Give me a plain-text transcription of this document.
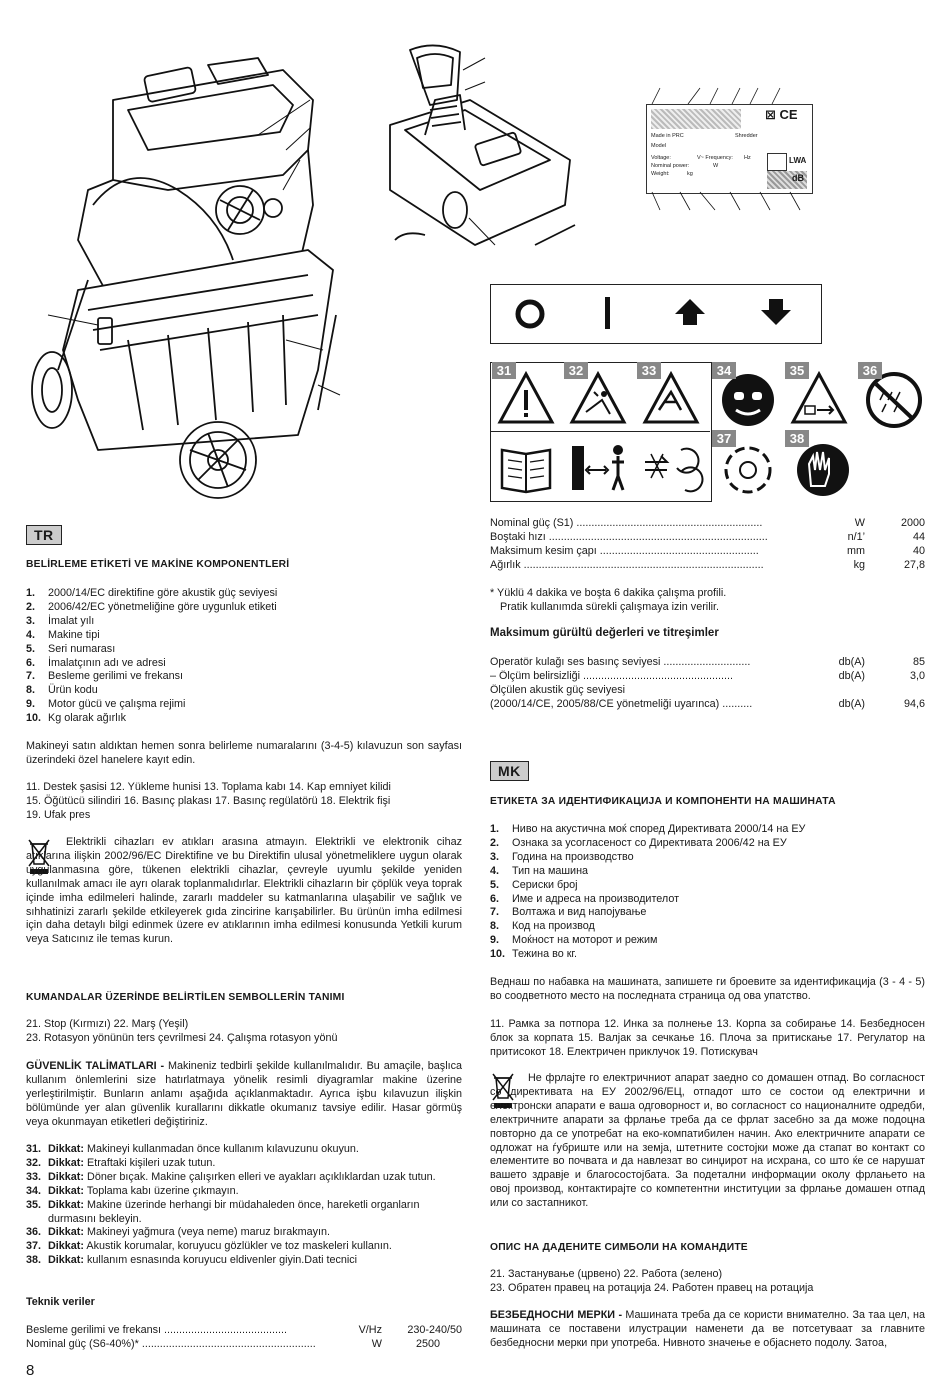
Made in PRC	Shredder
Model
Voltage:	V~ Frequency: Hz
Nominal power:	W
Weight:	kg
⊠ CE
LWA
dB
31	32	33	34	35	36
37	38
TR
BELİRLEME ETİKETİ VE MAKİNE KOMPONENTLERİ
1. 2000/14/EC direktifine göre akustik güç seviyesi
2. 2006/42/EC yönetmeliğine göre uygunluk etiketi
3. İmalat yılı
4. Makine tipi
5. Seri numarası
6. İmalatçının adı ve adresi
7. Besleme gerilimi ve frekansı
8. Ürün kodu
9. Motor gücü ve çalışma rejimi
10. Kg olarak ağırlık
Makineyi satın aldıktan hemen sonra belirleme numaralarını (3-4-5) kılavuzun son sayfası üzerindeki özel hanelere kayıt edin.
11. Destek şasisi 12. Yükleme hunisi 13. Toplama kabı 14. Kap emniyet kilidi
15. Öğütücü silindiri 16. Basınç plakası 17. Basınç regülatörü 18. Elektrik fişi
19. Ufak pres
Elektrikli cihazları ev atıkları arasına atmayın. Elektrikli ve elektronik cihaz atıklarına ilişkin 2002/96/EC Direktifine ve bu Direktifin ulusal yönetmeliklere uygun olarak uygulanmasına göre, tükenen elektrikli cihazlar, çevreyle uyumlu şekilde yeniden kullanılmak amacı ile ayrı olarak toplanmalıdırlar. Elektrikli cihazların bir çöplük veya toprak içinde imha edilmeleri halinde, zararlı maddeler su katmanlarına ulaşabilir ve sağlık ve sıhhatinizi zararlı şekilde etkileyerek gıda zincirine karışabilirler. Bu ürünün imha edilmesi için daha detaylı bilgi edinmek üzere ev atıklarının imha edilmesi konusunda Yetkili kurum veya Satıcınız ile temas kurun.
KUMANDALAR ÜZERİNDE BELİRTİLEN SEMBOLLERİN TANIMI
21. Stop (Kırmızı) 22. Marş (Yeşil)
23. Rotasyon yönünün ters çevrilmesi 24. Çalışma rotasyon yönü
GÜVENLİK TALİMATLARI - Makineniz tedbirli şekilde kullanılmalıdır. Bu amaçile, başlıca kullanım önlemlerini size hatırlatmaya yönelik resimli diyagramlar makine üzerine yerleştirilmiştir. Bunların anlamı aşağıda açıklanmaktadır. Ayrıca işbu kılavuzun ilişkin bölümünde yer alan güvenlik kurallarını dikkatle okumanız tavsiye edilir. Hasar görmüş veya okunmayan etiketleri değiştiriniz.
31. Dikkat: Makineyi kullanmadan önce kullanım kılavuzunu okuyun.
32. Dikkat: Etraftaki kişileri uzak tutun.
33. Dikkat: Döner bıçak. Makine çalışırken elleri ve ayakları açıklıklardan uzak tutun.
34. Dikkat: Toplama kabı üzerine çıkmayın.
35. Dikkat: Makine üzerinde herhangi bir müdahaleden önce, hareketli organların durmasını bekleyin.
36. Dikkat: Makineyi yağmura (veya neme) maruz bırakmayın.
37. Dikkat: Akustik korumalar, koruyucu gözlükler ve toz maskeleri kullanın.
38. Dikkat: kullanım esnasında koruyucu eldivenler giyin.Dati tecnici
Teknik veriler
Besleme gerilimi ve frekansı .........................................	V/Hz	230-240/50
Nominal güç (S6-40%)* ..........................................................	W	2500
8
Nominal güç (S1) ..............................................................	W	2000
Boştaki hızı .........................................................................	n/1’	44
Maksimum kesim çapı .....................................................	mm	40
Ağırlık ................................................................................	kg	27,8
* Yüklü 4 dakika ve boşta 6 dakika çalışma profili.
Pratik kullanımda sürekli çalışmaya izin verilir.
Maksimum gürültü değerleri ve titreşimler
Operatör kulağı ses basınç seviyesi .............................	db(A)	85
– Ölçüm belirsizliği ..................................................	db(A)	3,0
Ölçülen akustik güç seviyesi
(2000/14/CE, 2005/88/CE yönetmeliği uyarınca) ..........	db(A)	94,6
MK
ЕТИКЕТА ЗА ИДЕНТИФИКАЦИЈА И КОМПОНЕНТИ НА МАШИНАТА
1. Ниво на акустична моќ според Директивата 2000/14 на ЕУ
2. Ознака за усогласеност со Директивата 2006/42 на ЕУ
3. Година на производство
4. Тип на машина
5. Сериски број
6. Име и адреса на производителот
7. Волтажа и вид напојување
8. Код на производ
9. Моќност на моторот и режим
10. Тежина во кг.
Веднаш по набавка на машината, запишете ги броевите за идентификација (3 - 4 - 5) во соодветното место на последната страница од ова упатство.
11. Рамка за потпора 12. Инка за полнење 13. Корпа за собирање 14. Безбедносен блок за корпата 15. Валјак за сечкање 16. Плоча за притискање 17. Регулатор на притисокот 18. Електричен приклучок 19. Потискувач
Не фрлајте го електричниот апарат заедно со домашен отпад. Во согласност со директивата на ЕУ 2002/96/ЕЦ, отпадот што се состои од електрични и електронски апарати е ваша одговорност и, во согласност со националните одредби, електричните апарати за фрлање треба да се фрлат засебно за да може подоцна повторно да се употребат на еко-компатибилен начин. Ако електричните апарати се одложат на ѓубриште или на земја, штетните состојки може да стапат во контакт со елементите во почвата и да навлезат во синџирот на исхрана, со што ќе се нарушат вашето здравје и благосостојбата. За подетални информации околу фрлањето на овој производ, контактирајте со компетентни институции за фрлање домашен отпад или со застапникот.
ОПИС НА ДАДЕНИТЕ СИМБОЛИ НА КОМАНДИТЕ
21. Застанување (црвено) 22. Работа (зелено)
23. Обратен правец на ротација 24. Работен правец на ротација
БЕЗБЕДНОСНИ МЕРКИ - Машината треба да се користи внимателно. За таа цел, на машината се поставени илустрации наменети да ве потсетуваат за главните безбедносни мерки при употреба. Нивното значење е објаснето подолу. Затоа,
